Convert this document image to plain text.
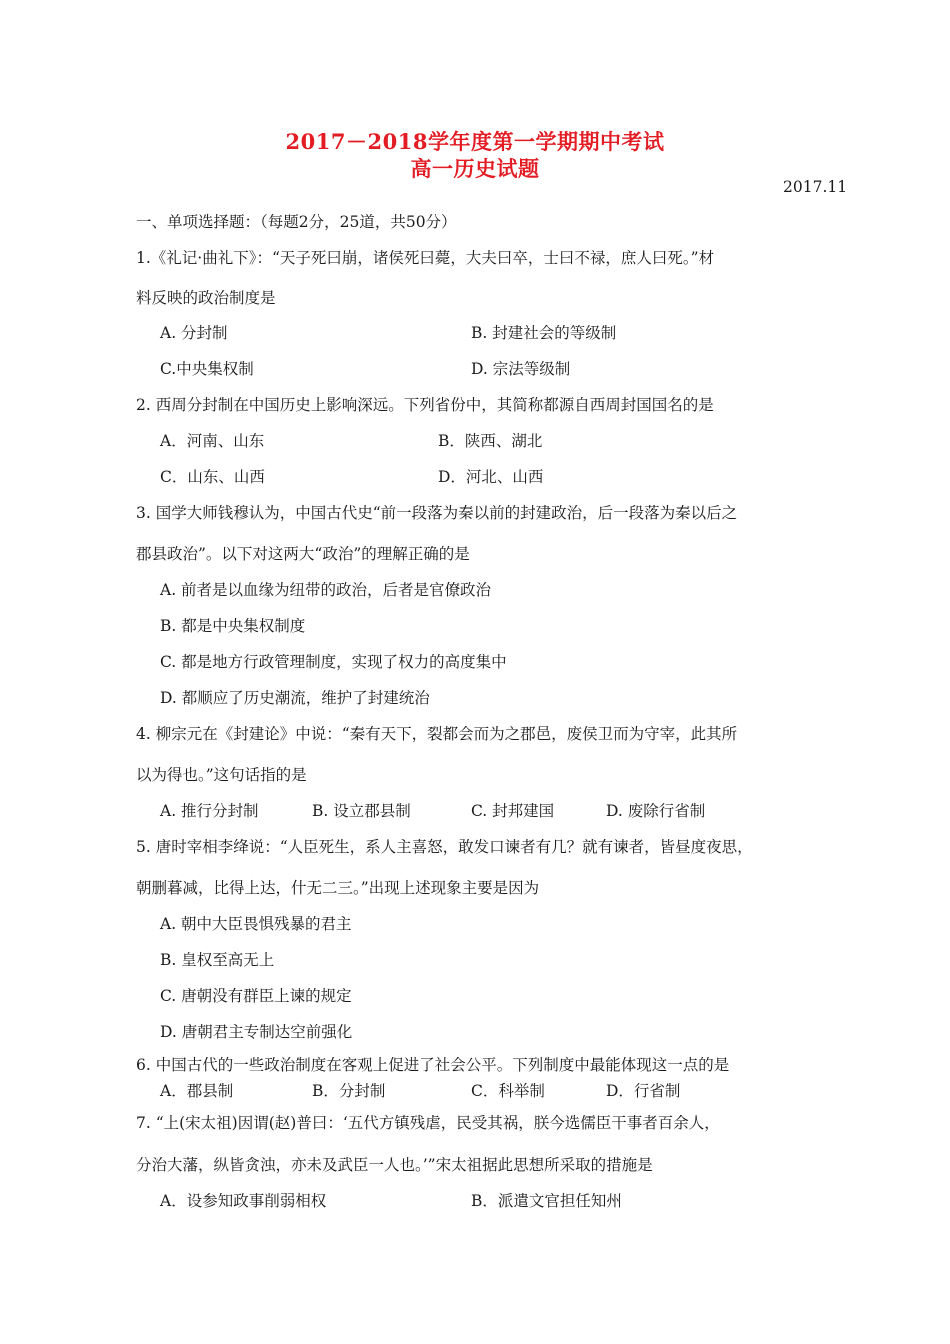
2017－2018学年度第一学期期中考试
高一历史试题
2017.11
一、单项选择题：（每题2分，25道，共50分）
1.《礼记·曲礼下》：“天子死曰崩，诸侯死曰薨，大夫曰卒，士曰不禄，庶人曰死。”材
料反映的政治制度是
A. 分封制	B. 封建社会的等级制
C.中央集权制	D. 宗法等级制
2. 西周分封制在中国历史上影响深远。下列省份中，其简称都源自西周封国国名的是
A．河南、山东	B．陕西、湖北
C．山东、山西	D．河北、山西
3. 国学大师钱穆认为，中国古代史“前一段落为秦以前的封建政治，后一段落为秦以后之
郡县政治”。以下对这两大“政治”的理解正确的是
A. 前者是以血缘为纽带的政治，后者是官僚政治
B. 都是中央集权制度
C. 都是地方行政管理制度，实现了权力的高度集中
D. 都顺应了历史潮流，维护了封建统治
4. 柳宗元在《封建论》中说：“秦有天下，裂都会而为之郡邑，废侯卫而为守宰，此其所
以为得也。”这句话指的是
A. 推行分封制	B. 设立郡县制	C. 封邦建国	D. 废除行省制
5. 唐时宰相李绛说：“人臣死生，系人主喜怒，敢发口谏者有几？就有谏者，皆昼度夜思，
朝删暮减，比得上达，什无二三。”出现上述现象主要是因为
A. 朝中大臣畏惧残暴的君主
B. 皇权至高无上
C. 唐朝没有群臣上谏的规定
D. 唐朝君主专制达空前强化
6. 中国古代的一些政治制度在客观上促进了社会公平。下列制度中最能体现这一点的是
A．郡县制	B．分封制	C．科举制	D．行省制
7. “上(宋太祖)因谓(赵)普曰：‘五代方镇残虐，民受其祸，朕今选儒臣干事者百余人，
分治大藩，纵皆贪浊，亦未及武臣一人也。’”宋太祖据此思想所采取的措施是
A．设参知政事削弱相权	B．派遣文官担任知州
